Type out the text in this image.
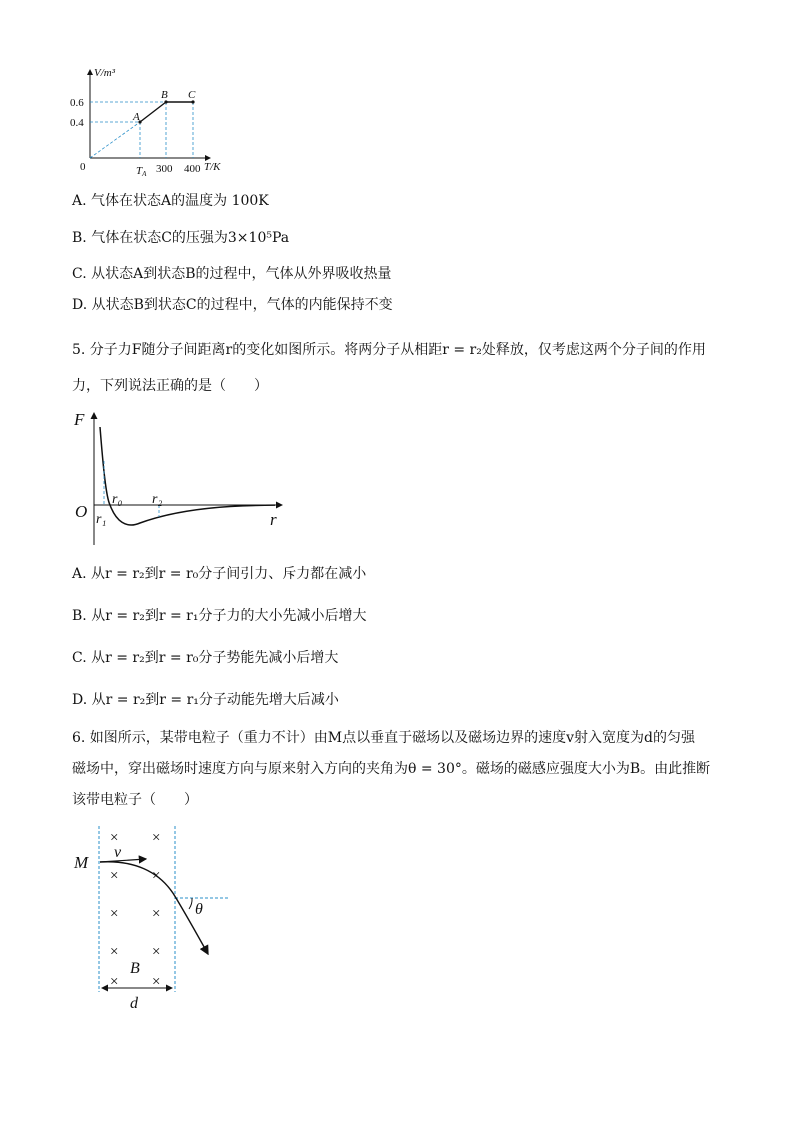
V/m³
T/K
0
0.6
0.4	A
B C
TA 300 400
A. 气体在状态A的温度为 100K
B. 气体在状态C的压强为3×10⁵Pa
C. 从状态A到状态B的过程中，气体从外界吸收热量
D. 从状态B到状态C的过程中，气体的内能保持不变
5. 分子力F随分子间距离r的变化如图所示。将两分子从相距r = r₂处释放，仅考虑这两个分子间的作用
力，下列说法正确的是（　　）
F
O	r
r₀
r₁
r₂
A. 从r = r₂到r = r₀分子间引力、斥力都在减小
B. 从r = r₂到r = r₁分子力的大小先减小后增大
C. 从r = r₂到r = r₀分子势能先减小后增大
D. 从r = r₂到r = r₁分子动能先增大后减小
6. 如图所示，某带电粒子（重力不计）由M点以垂直于磁场以及磁场边界的速度v射入宽度为d的匀强
磁场中，穿出磁场时速度方向与原来射入方向的夹角为θ = 30°。磁场的磁感应强度大小为B。由此推断
该带电粒子（　　）
× ×
× ×
× ×
× ×
× ×
M
v
θ
B
d
